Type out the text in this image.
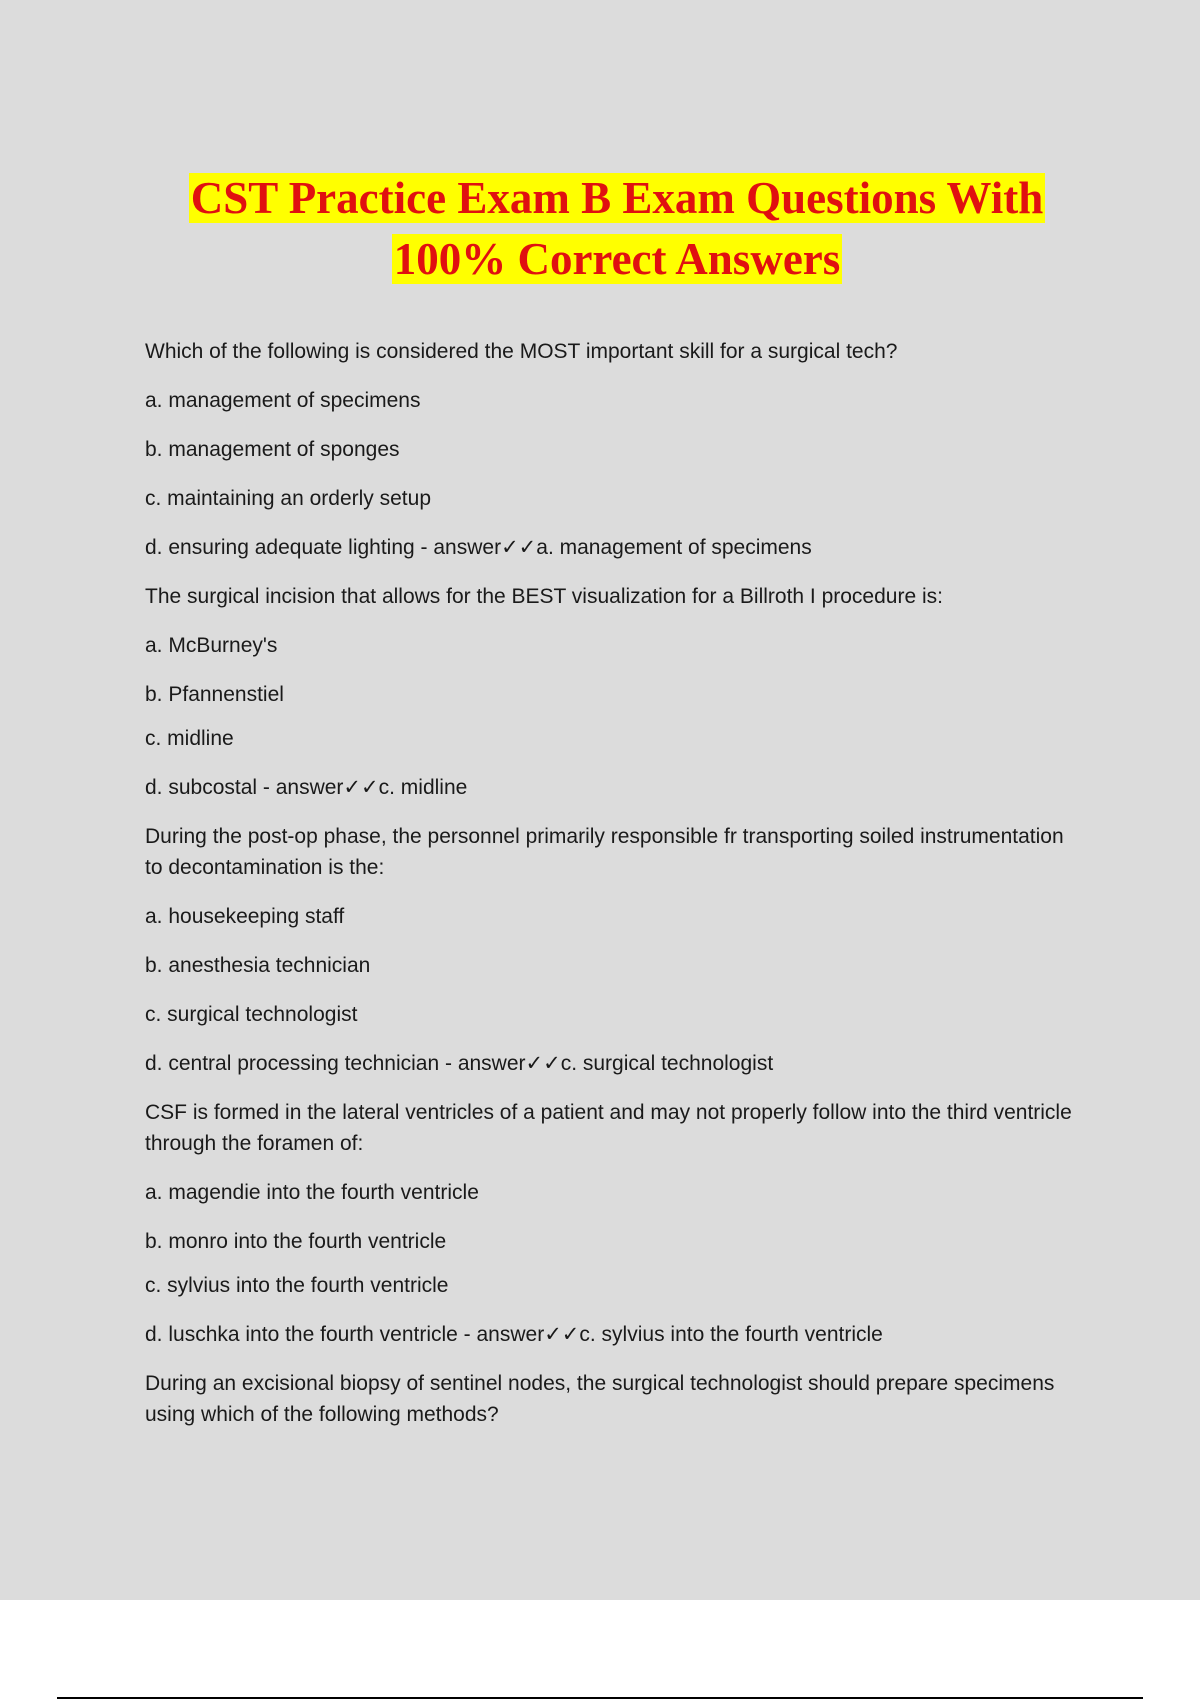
CST Practice Exam B Exam Questions With
100% Correct Answers

Which of the following is considered the MOST important skill for a surgical tech?

a. management of specimens

b. management of sponges

c. maintaining an orderly setup

d. ensuring adequate lighting - answer✓✓a. management of specimens

The surgical incision that allows for the BEST visualization for a Billroth I procedure is:

a. McBurney's

b. Pfannenstiel

c. midline

d. subcostal - answer✓✓c. midline

During the post-op phase, the personnel primarily responsible fr transporting soiled instrumentation to decontamination is the:

a. housekeeping staff

b. anesthesia technician

c. surgical technologist

d. central processing technician - answer✓✓c. surgical technologist

CSF is formed in the lateral ventricles of a patient and may not properly follow into the third ventricle through the foramen of:

a. magendie into the fourth ventricle

b. monro into the fourth ventricle

c. sylvius into the fourth ventricle

d. luschka into the fourth ventricle - answer✓✓c. sylvius into the fourth ventricle

During an excisional biopsy of sentinel nodes, the surgical technologist should prepare specimens using which of the following methods?
